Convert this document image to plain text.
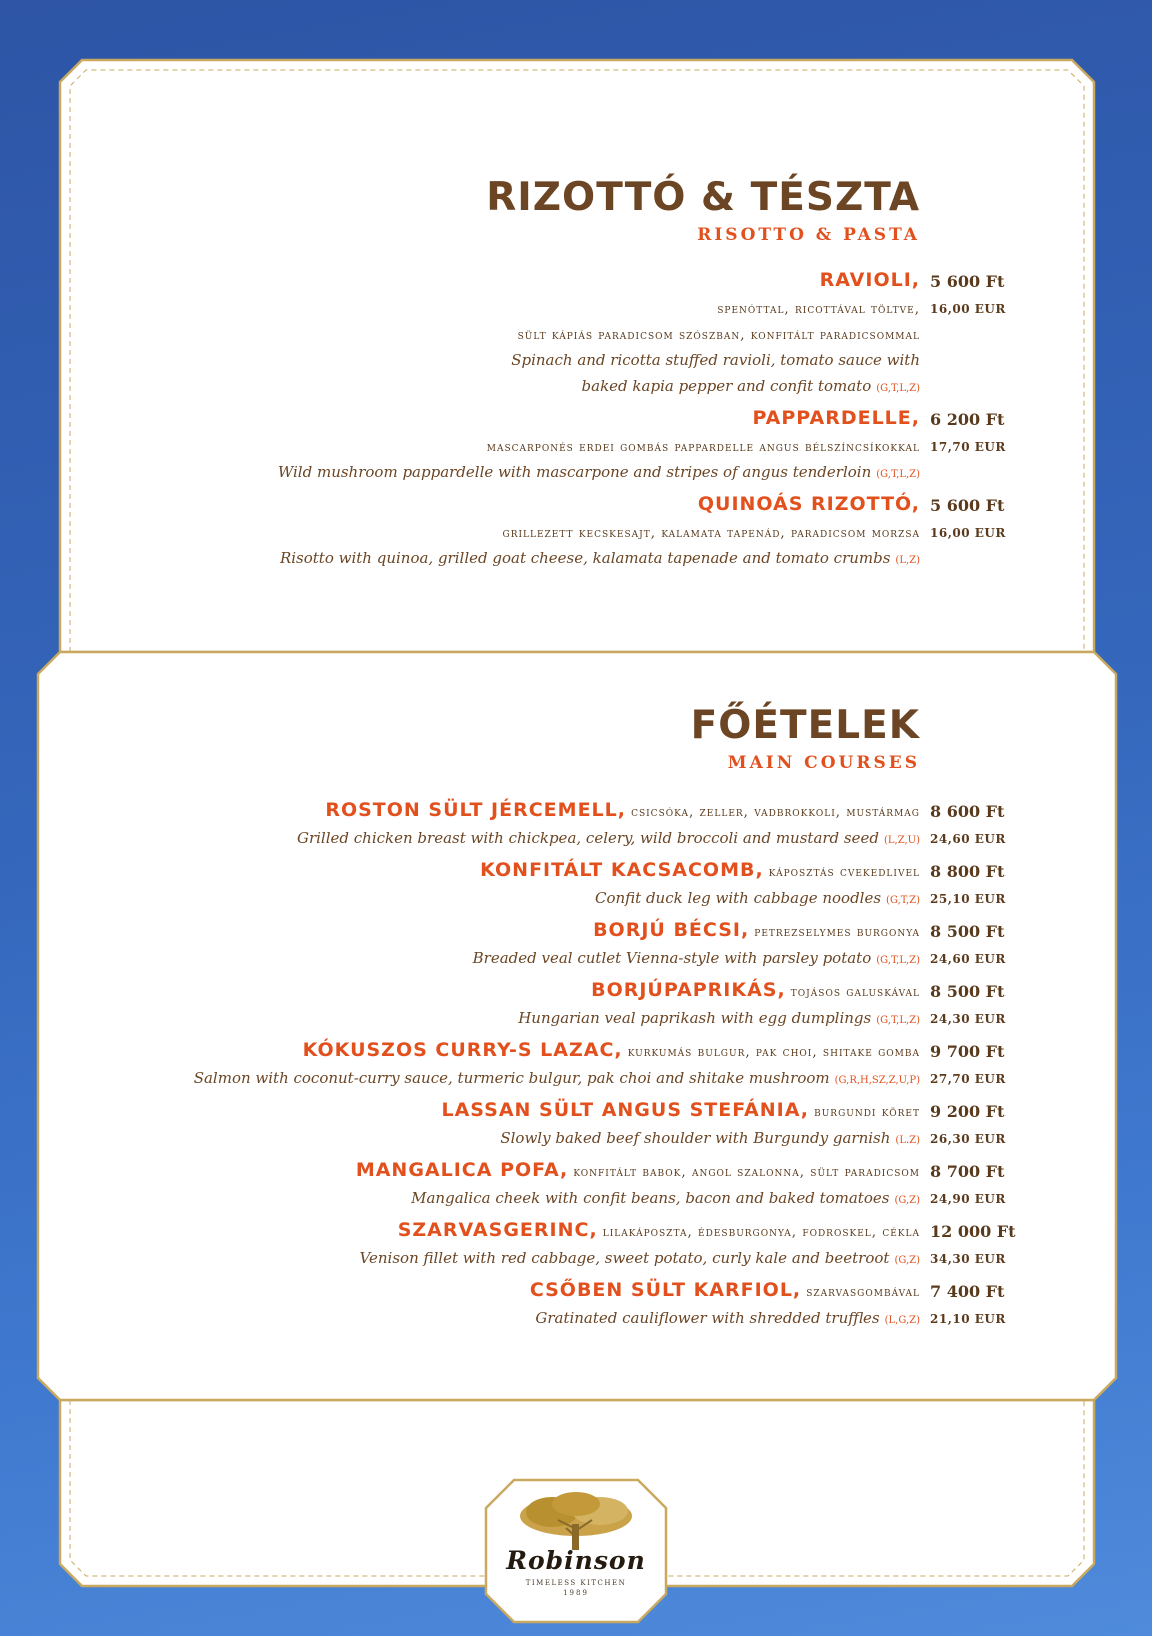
RIZOTTÓ & TÉSZTA
RISOTTO & PASTA
RAVIOLI, 5 600 Ft
spenóttal, ricottával töltve, 16,00 EUR
sült kápiás paradicsom szószban, konfitált paradicsommal
Spinach and ricotta stuffed ravioli, tomato sauce with
baked kapia pepper and confit tomato (G,T,L,Z)
PAPPARDELLE, 6 200 Ft
mascarponés erdei gombás pappardelle angus bélszíncsíkokkal 17,70 EUR
Wild mushroom pappardelle with mascarpone and stripes of angus tenderloin (G,T,L,Z)
QUINOÁS RIZOTTÓ, 5 600 Ft
grillezett kecskesajt, kalamata tapenád, paradicsom morzsa 16,00 EUR
Risotto with quinoa, grilled goat cheese, kalamata tapenade and tomato crumbs (L,Z)
FŐÉTELEK
MAIN COURSES
ROSTON SÜLT JÉRCEMELL, csicsóka, zeller, vadbrokkoli, mustármag 8 600 Ft
Grilled chicken breast with chickpea, celery, wild broccoli and mustard seed (L,Z,U) 24,60 EUR
KONFITÁLT KACSACOMB, káposztás cvekedlivel 8 800 Ft
Confit duck leg with cabbage noodles (G,T,Z) 25,10 EUR
BORJÚ BÉCSI, petrezselymes burgonya 8 500 Ft
Breaded veal cutlet Vienna-style with parsley potato (G,T,L,Z) 24,60 EUR
BORJÚPAPRIKÁS, tojásos galuskával 8 500 Ft
Hungarian veal paprikash with egg dumplings (G,T,L,Z) 24,30 EUR
KÓKUSZOS CURRY-S LAZAC, kurkumás bulgur, pak choi, shitake gomba 9 700 Ft
Salmon with coconut-curry sauce, turmeric bulgur, pak choi and shitake mushroom (G,R,H,SZ,Z,U,P) 27,70 EUR
LASSAN SÜLT ANGUS STEFÁNIA, burgundi köret 9 200 Ft
Slowly baked beef shoulder with Burgundy garnish (L.Z) 26,30 EUR
MANGALICA POFA, konfitált babok, angol szalonna, sült paradicsom 8 700 Ft
Mangalica cheek with confit beans, bacon and baked tomatoes (G,Z) 24,90 EUR
SZARVASGERINC, lilakáposzta, édesburgonya, fodroskel, cékla 12 000 Ft
Venison fillet with red cabbage, sweet potato, curly kale and beetroot (G,Z) 34,30 EUR
CSŐBEN SÜLT KARFIOL, szarvasgombával 7 400 Ft
Gratinated cauliflower with shredded truffles (L,G,Z) 21,10 EUR
Robinson
TIMELESS KITCHEN
1989
